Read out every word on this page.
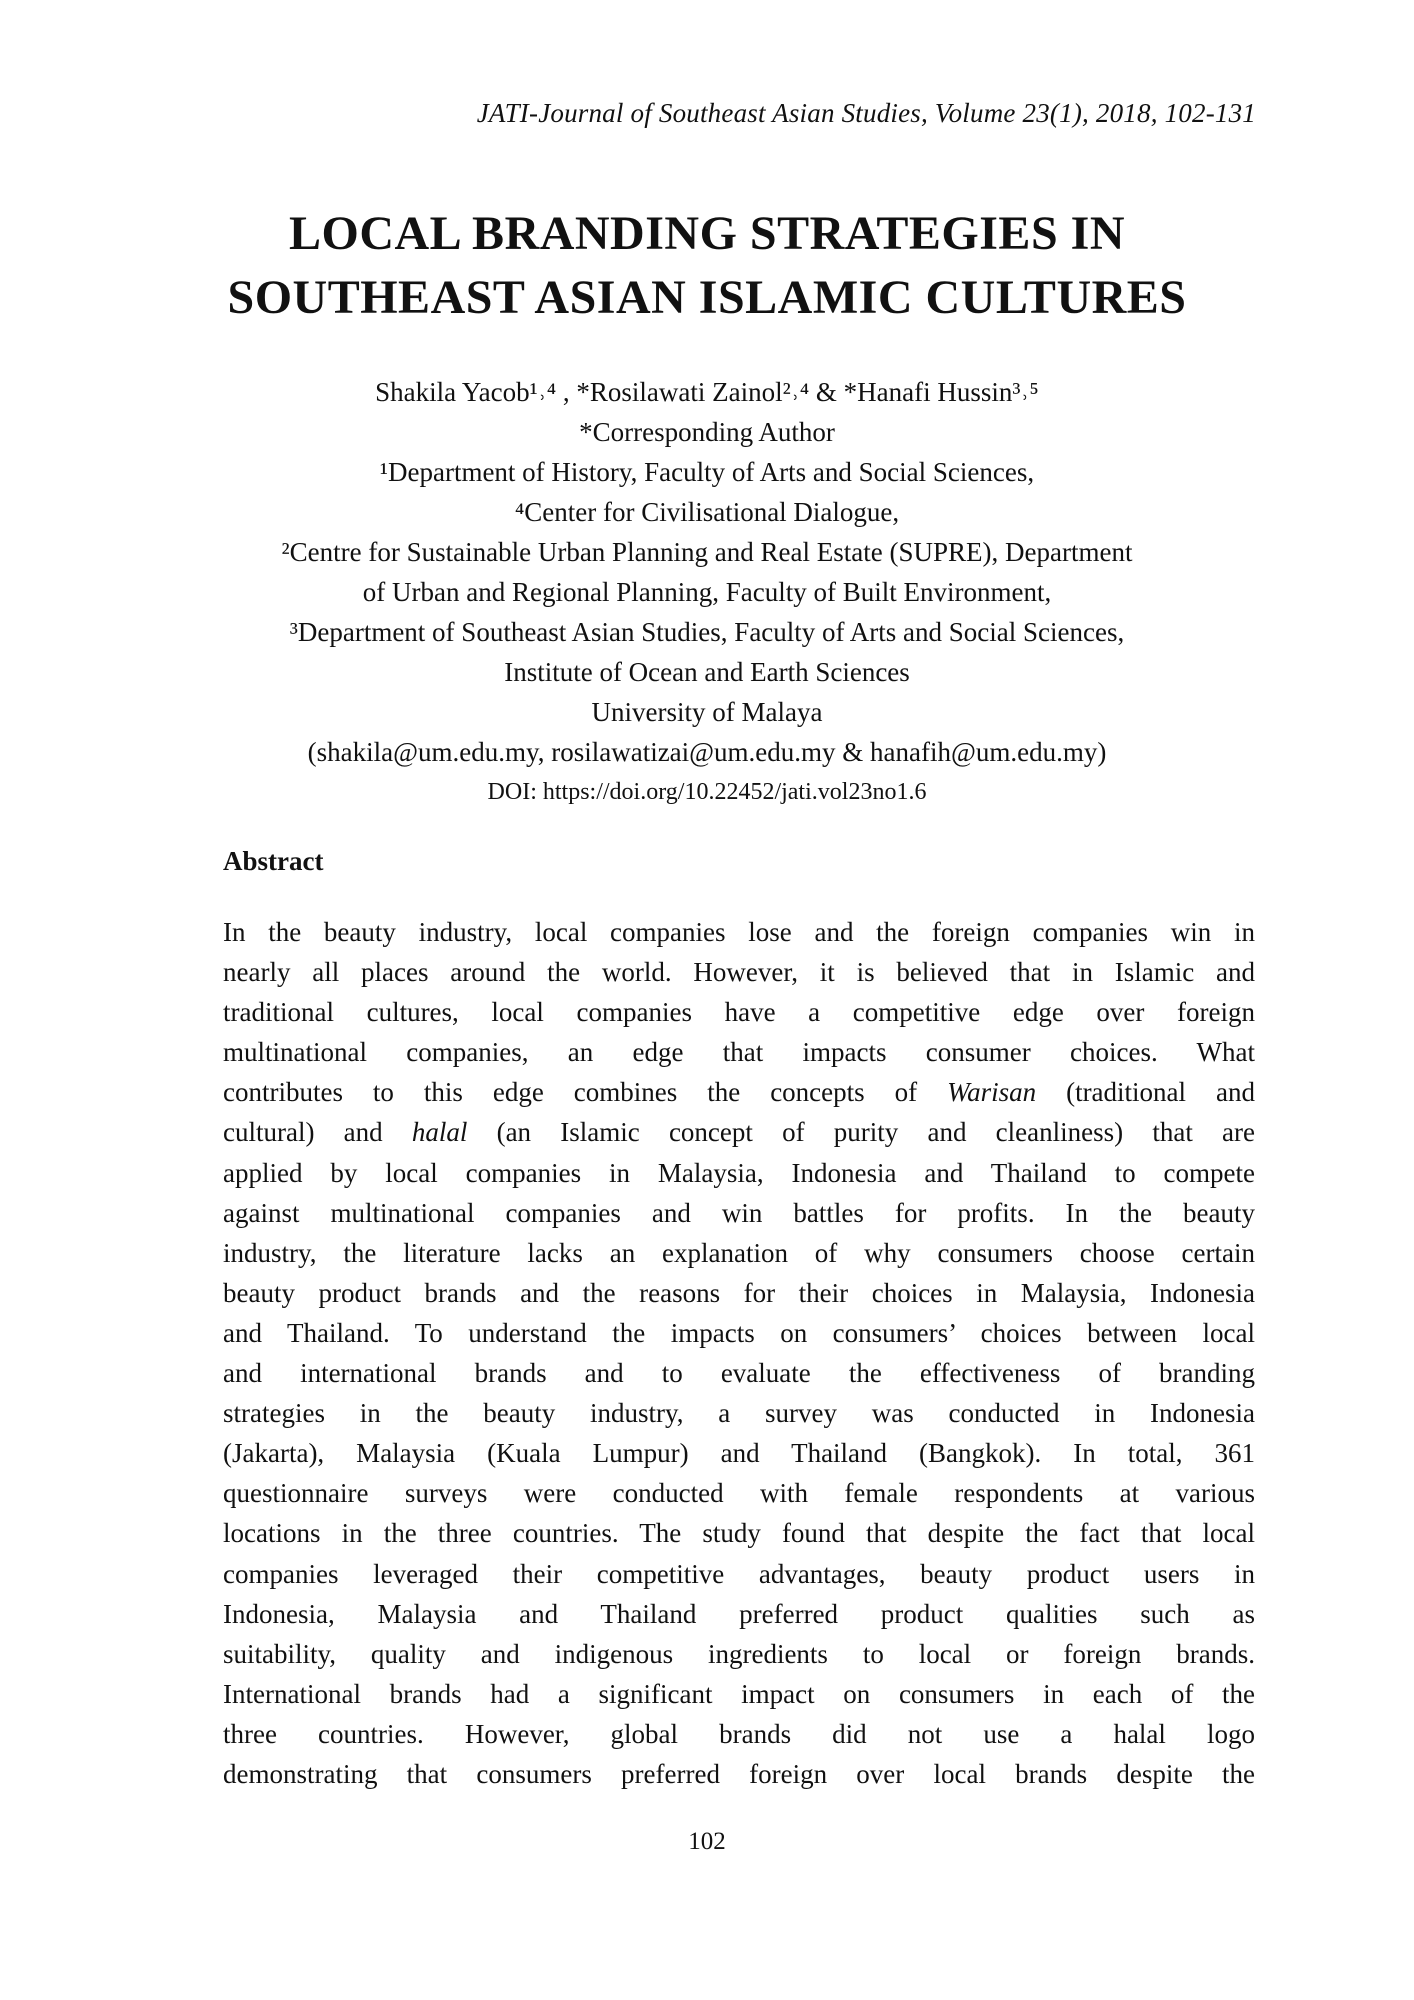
JATI-Journal of Southeast Asian Studies, Volume 23(1), 2018, 102-131
LOCAL BRANDING STRATEGIES IN
SOUTHEAST ASIAN ISLAMIC CULTURES
Shakila Yacob¹˒⁴ , *Rosilawati Zainol²˒⁴ & *Hanafi Hussin³˒⁵
*Corresponding Author
¹Department of History, Faculty of Arts and Social Sciences,
⁴Center for Civilisational Dialogue,
²Centre for Sustainable Urban Planning and Real Estate (SUPRE), Department
of Urban and Regional Planning, Faculty of Built Environment,
³Department of Southeast Asian Studies, Faculty of Arts and Social Sciences,
Institute of Ocean and Earth Sciences
University of Malaya
(shakila@um.edu.my, rosilawatizai@um.edu.my & hanafih@um.edu.my)
DOI: https://doi.org/10.22452/jati.vol23no1.6
Abstract
In the beauty industry, local companies lose and the foreign companies win in
nearly all places around the world. However, it is believed that in Islamic and
traditional cultures, local companies have a competitive edge over foreign
multinational companies, an edge that impacts consumer choices. What
contributes to this edge combines the concepts of Warisan (traditional and
cultural) and halal (an Islamic concept of purity and cleanliness) that are
applied by local companies in Malaysia, Indonesia and Thailand to compete
against multinational companies and win battles for profits. In the beauty
industry, the literature lacks an explanation of why consumers choose certain
beauty product brands and the reasons for their choices in Malaysia, Indonesia
and Thailand. To understand the impacts on consumers’ choices between local
and international brands and to evaluate the effectiveness of branding
strategies in the beauty industry, a survey was conducted in Indonesia
(Jakarta), Malaysia (Kuala Lumpur) and Thailand (Bangkok). In total, 361
questionnaire surveys were conducted with female respondents at various
locations in the three countries. The study found that despite the fact that local
companies leveraged their competitive advantages, beauty product users in
Indonesia, Malaysia and Thailand preferred product qualities such as
suitability, quality and indigenous ingredients to local or foreign brands.
International brands had a significant impact on consumers in each of the
three countries. However, global brands did not use a halal logo
demonstrating that consumers preferred foreign over local brands despite the
102
